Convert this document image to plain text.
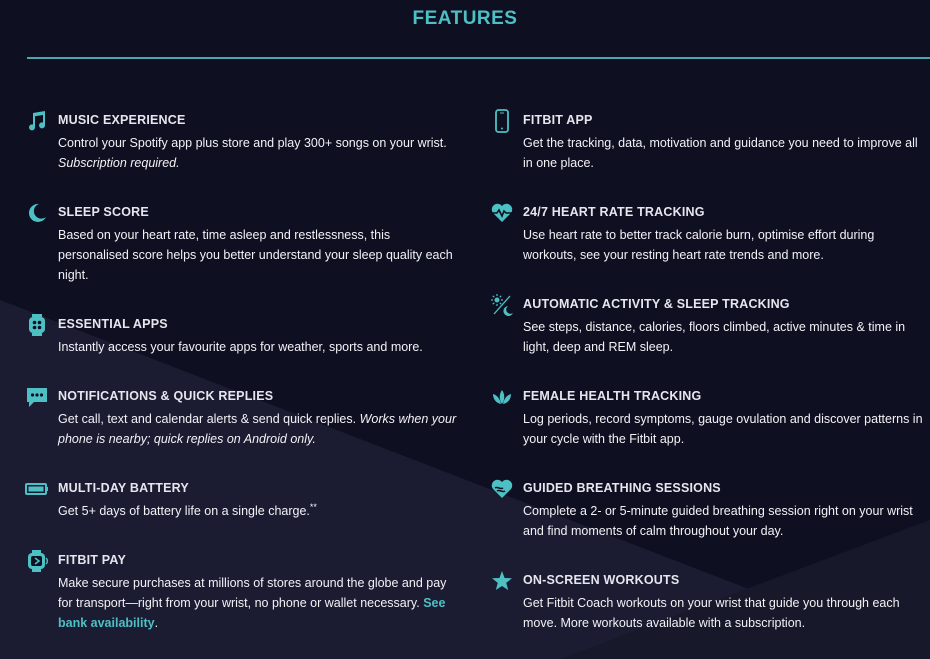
FEATURES
MUSIC EXPERIENCE

Control your Spotify app plus store and play 300+ songs on your wrist. Subscription required.

SLEEP SCORE

Based on your heart rate, time asleep and restlessness, this personalised score helps you better understand your sleep quality each night.

ESSENTIAL APPS

Instantly access your favourite apps for weather, sports and more.

NOTIFICATIONS & QUICK REPLIES

Get call, text and calendar alerts & send quick replies. Works when your phone is nearby; quick replies on Android only.

MULTI-DAY BATTERY

Get 5+ days of battery life on a single charge.**

FITBIT PAY

Make secure purchases at millions of stores around the globe and pay for transport—right from your wrist, no phone or wallet necessary. See bank availability.

FITBIT APP

Get the tracking, data, motivation and guidance you need to improve all in one place.

24/7 HEART RATE TRACKING

Use heart rate to better track calorie burn, optimise effort during workouts, see your resting heart rate trends and more.

AUTOMATIC ACTIVITY & SLEEP TRACKING

See steps, distance, calories, floors climbed, active minutes & time in light, deep and REM sleep.

FEMALE HEALTH TRACKING

Log periods, record symptoms, gauge ovulation and discover patterns in your cycle with the Fitbit app.

GUIDED BREATHING SESSIONS

Complete a 2- or 5-minute guided breathing session right on your wrist and find moments of calm throughout your day.

ON-SCREEN WORKOUTS

Get Fitbit Coach workouts on your wrist that guide you through each move. More workouts available with a subscription.
